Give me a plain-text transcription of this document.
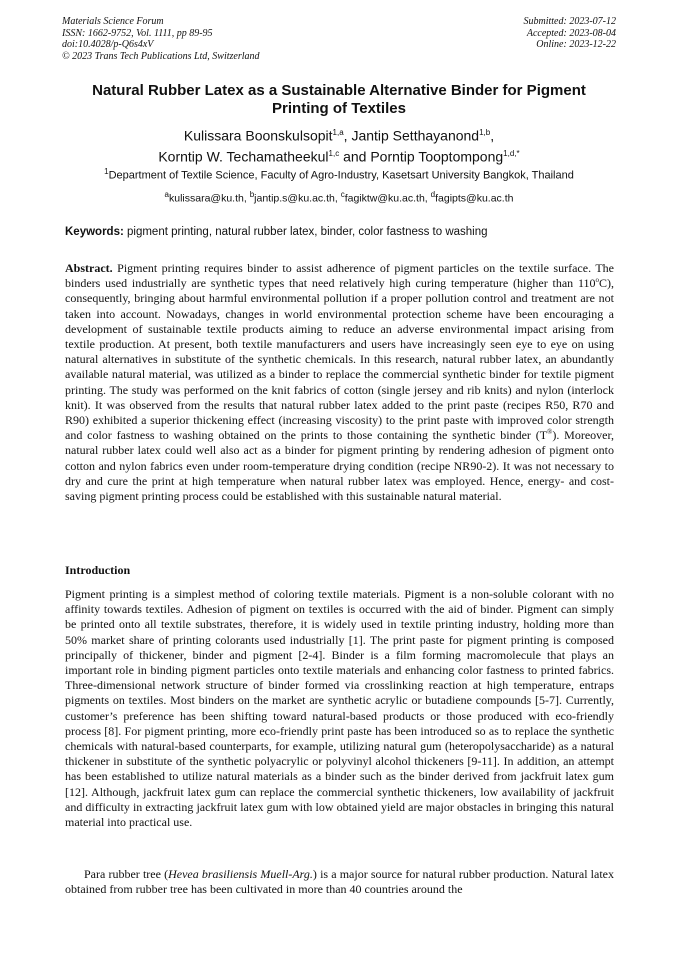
Materials Science Forum
ISSN: 1662-9752, Vol. 1111, pp 89-95
doi:10.4028/p-Q6s4xV
© 2023 Trans Tech Publications Ltd, Switzerland
Submitted: 2023-07-12
Accepted: 2023-08-04
Online: 2023-12-22
Natural Rubber Latex as a Sustainable Alternative Binder for Pigment Printing of Textiles
Kulissara Boonskulsopit$^{1,a}$, Jantip Setthayanond$^{1,b}$,
Korntip W. Techamatheekul$^{1,c}$ and Porntip Tooptompong$^{1,d,*}$
$^1$Department of Textile Science, Faculty of Agro-Industry, Kasetsart University Bangkok, Thailand
$^a$kulissara@ku.th, $^b$jantip.s@ku.ac.th, $^c$fagiktw@ku.ac.th, $^d$fagipts@ku.ac.th
Keywords: pigment printing, natural rubber latex, binder, color fastness to washing

Abstract. Pigment printing requires binder to assist adherence of pigment particles on the textile surface. The binders used industrially are synthetic types that need relatively high curing temperature (higher than 110$^o$C), consequently, bringing about harmful environmental pollution if a proper pollution control and treatment are not taken into account. Nowadays, changes in world environmental protection scheme have been encouraging a development of sustainable textile products aiming to reduce an adverse environmental impact arising from textile production. At present, both textile manufacturers and users have increasingly seen eye to eye on using natural alternatives in substitute of the synthetic chemicals. In this research, natural rubber latex, an abundantly available natural material, was utilized as a binder to replace the commercial synthetic binder for textile pigment printing. The study was performed on the knit fabrics of cotton (single jersey and rib knits) and nylon (interlock knit). It was observed from the results that natural rubber latex added to the print paste (recipes R50, R70 and R90) exhibited a superior thickening effect (increasing viscosity) to the print paste with improved color strength and color fastness to washing obtained on the prints to those containing the synthetic binder (T®). Moreover, natural rubber latex could well also act as a binder for pigment printing by rendering adhesion of pigment onto cotton and nylon fabrics even under room-temperature drying condition (recipe NR90-2). It was not necessary to dry and cure the print at high temperature when natural rubber latex was employed. Hence, energy- and cost-saving pigment printing process could be established with this sustainable natural material.

Introduction

Pigment printing is a simplest method of coloring textile materials. Pigment is a non-soluble colorant with no affinity towards textiles. Adhesion of pigment on textiles is occurred with the aid of binder. Pigment can simply be printed onto all textile substrates, therefore, it is widely used in textile printing industry, holding more than 50% market share of printing colorants used industrially [1]. The print paste for pigment printing is composed principally of thickener, binder and pigment [2-4]. Binder is a film forming macromolecule that plays an important role in binding pigment particles onto textile materials and enhancing color fastness to printed fabrics. Three-dimensional network structure of binder formed via crosslinking reaction at high temperature, entraps pigments on textiles. Most binders on the market are synthetic acrylic or butadiene compounds [5-7]. Currently, customer’s preference has been shifting toward natural-based products or those produced with eco-friendly process [8]. For pigment printing, more eco-friendly print paste has been introduced so as to replace the synthetic chemicals with natural-based counterparts, for example, utilizing natural gum (heteropolysaccharide) as a natural thickener in substitute of the synthetic polyacrylic or polyvinyl alcohol thickeners [9-11]. In addition, an attempt has been established to utilize natural materials as a binder such as the binder derived from jackfruit latex gum [12]. Although, jackfruit latex gum can replace the commercial synthetic thickeners, low availability of jackfruit and difficulty in extracting jackfruit latex gum with low obtained yield are major obstacles in bringing this natural material into practical use.

Para rubber tree (Hevea brasiliensis Muell-Arg.) is a major source for natural rubber production. Natural latex obtained from rubber tree has been cultivated in more than 40 countries around the
